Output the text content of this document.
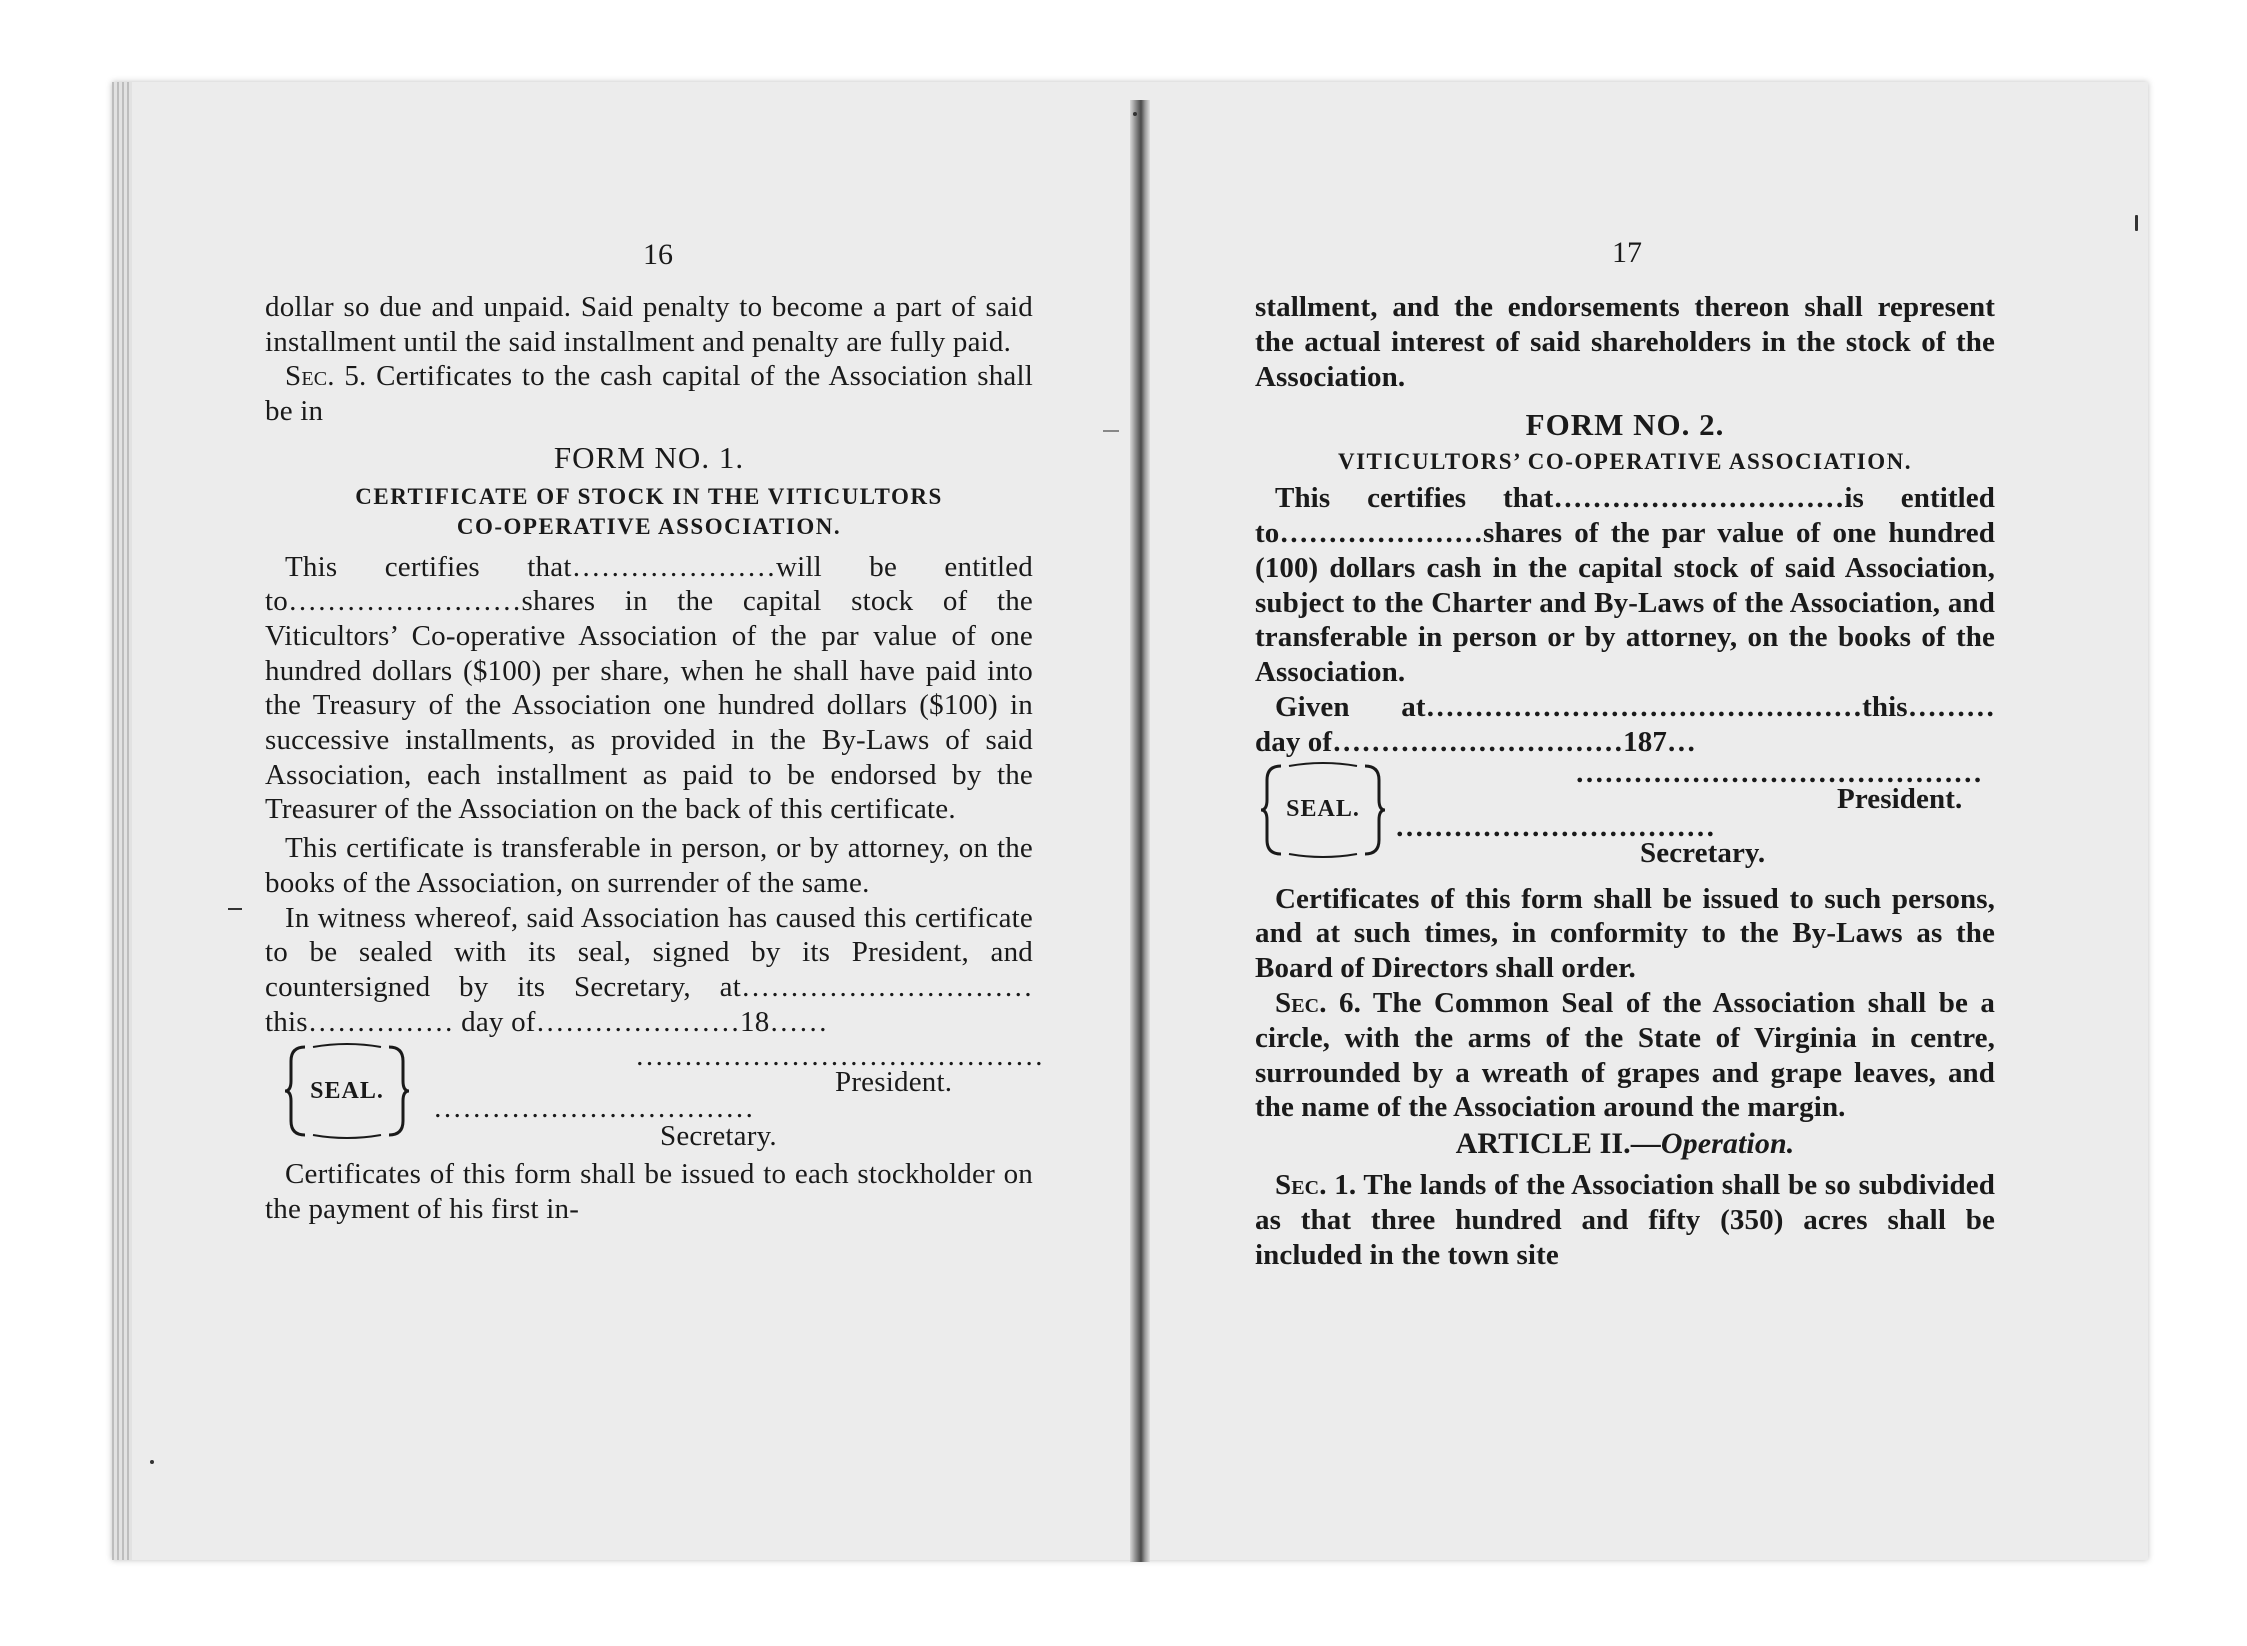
16

dollar so due and unpaid. Said penalty to become a part of said installment until the said installment and penalty are fully paid.

Sec. 5. Certificates to the cash capital of the Association shall be in

FORM NO. 1.
CERTIFICATE OF STOCK IN THE VITICULTORS
CO-OPERATIVE ASSOCIATION.

This certifies that…………………will be entitled to……………………shares in the capital stock of the Viticultors’ Co-operative Association of the par value of one hundred dollars ($100) per share, when he shall have paid into the Treasury of the Association one hundred dollars ($100) in successive installments, as provided in the By-Laws of said Association, each installment as paid to be endorsed by the Treasurer of the Association on the back of this certificate.

This certificate is transferable in person, or by attorney, on the books of the Association, on surrender of the same.

In witness whereof, said Association has caused this certificate to be sealed with its seal, signed by its President, and countersigned by its Secretary, at…………………………this…………… day of…………………18……

SEAL.
……………………………………
President.
……………………………
Secretary.

Certificates of this form shall be issued to each stockholder on the payment of his first in-

17

stallment, and the endorsements thereon shall represent the actual interest of said shareholders in the stock of the Association.

FORM NO. 2.
VITICULTORS’ CO-OPERATIVE ASSOCIATION.

This certifies that…………………………is entitled to…………………shares of the par value of one hundred (100) dollars cash in the capital stock of said Association, subject to the Charter and By-Laws of the Association, and transferable in person or by attorney, on the books of the Association.

Given at………………………………………this……… day of…………………………187…

SEAL.
……………………………………
President.
……………………………
Secretary.

Certificates of this form shall be issued to such persons, and at such times, in conformity to the By-Laws as the Board of Directors shall order.

Sec. 6. The Common Seal of the Association shall be a circle, with the arms of the State of Virginia in centre, surrounded by a wreath of grapes and grape leaves, and the name of the Association around the margin.

ARTICLE II.—Operation.

Sec. 1. The lands of the Association shall be so subdivided as that three hundred and fifty (350) acres shall be included in the town site
